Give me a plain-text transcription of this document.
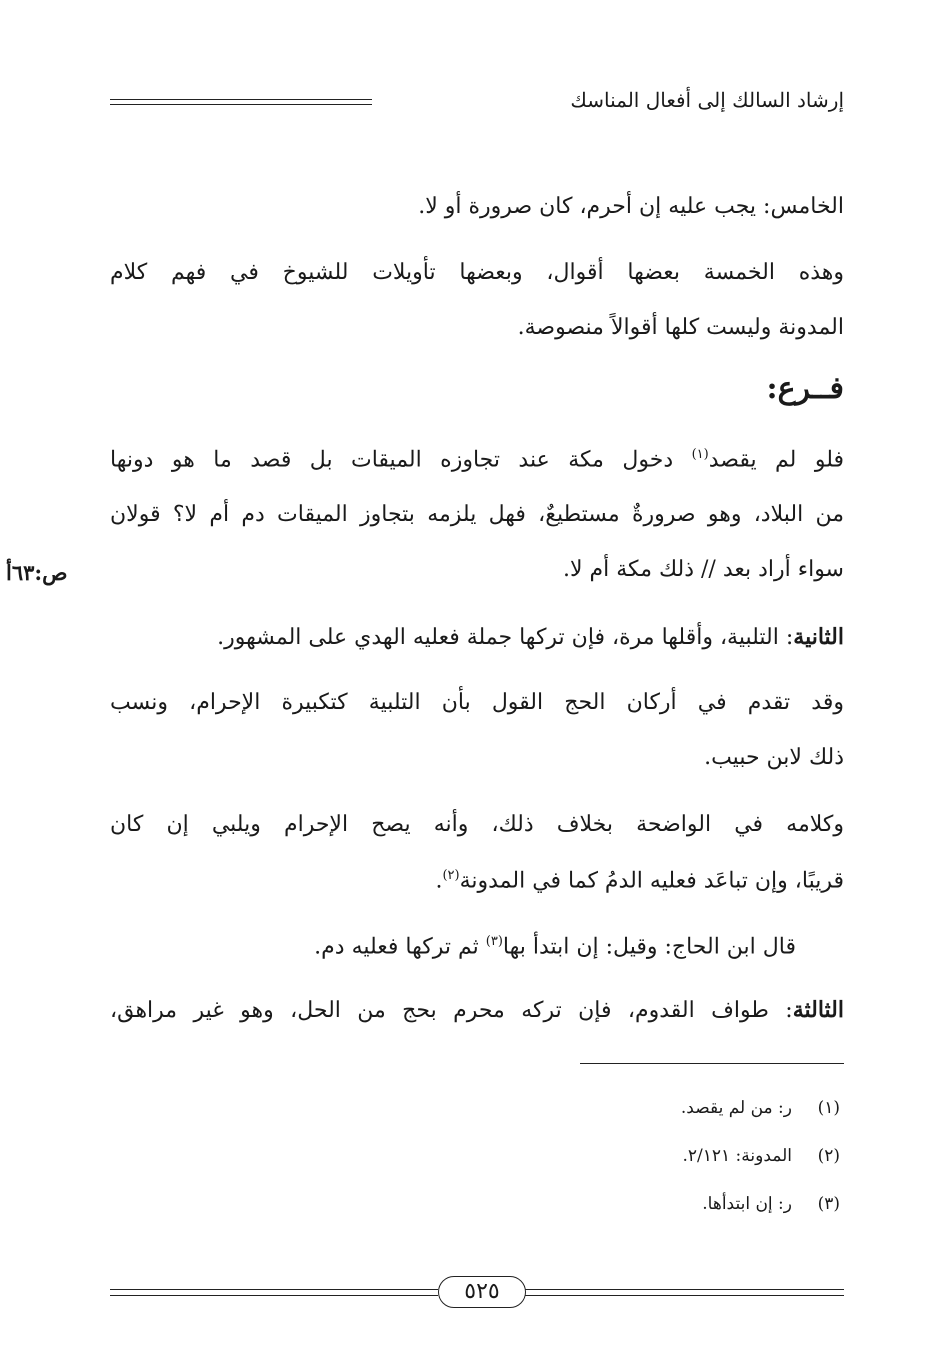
إرشاد السالك إلى أفعال المناسك
الخامس: يجب عليه إن أحرم، كان صرورة أو لا.
وهذه الخمسة بعضها أقوال، وبعضها تأويلات للشيوخ في فهم كلام
المدونة وليست كلها أقوالاً منصوصة.
فــرع:
فلو لم يقصد$^{(١)}$ دخول مكة عند تجاوزه الميقات بل قصد ما هو دونها
من البلاد، وهو صرورةٌ مستطيعٌ، فهل يلزمه بتجاوز الميقات دم أم لا؟ قولان
سواء أراد بعد // ذلك مكة أم لا.
ص:٦٣أ
الثانية: التلبية، وأقلها مرة، فإن تركها جملة فعليه الهدي على المشهور.
وقد تقدم في أركان الحج القول بأن التلبية كتكبيرة الإحرام، ونسب
ذلك لابن حبيب.
وكلامه في الواضحة بخلاف ذلك، وأنه يصح الإحرام ويلبي إن كان
قريبًا، وإن تباعَد فعليه الدمُ كما في المدونة$^{(٢)}$.
قال ابن الحاج: وقيل: إن ابتدأ بها$^{(٣)}$ ثم تركها فعليه دم.
الثالثة: طواف القدوم، فإن تركه محرم بحج من الحل، وهو غير مراهق،
(١)ر: من لم يقصد.
(٢)المدونة: ٢/١٢١.
(٣)ر: إن ابتدأها.
٥٢٥
